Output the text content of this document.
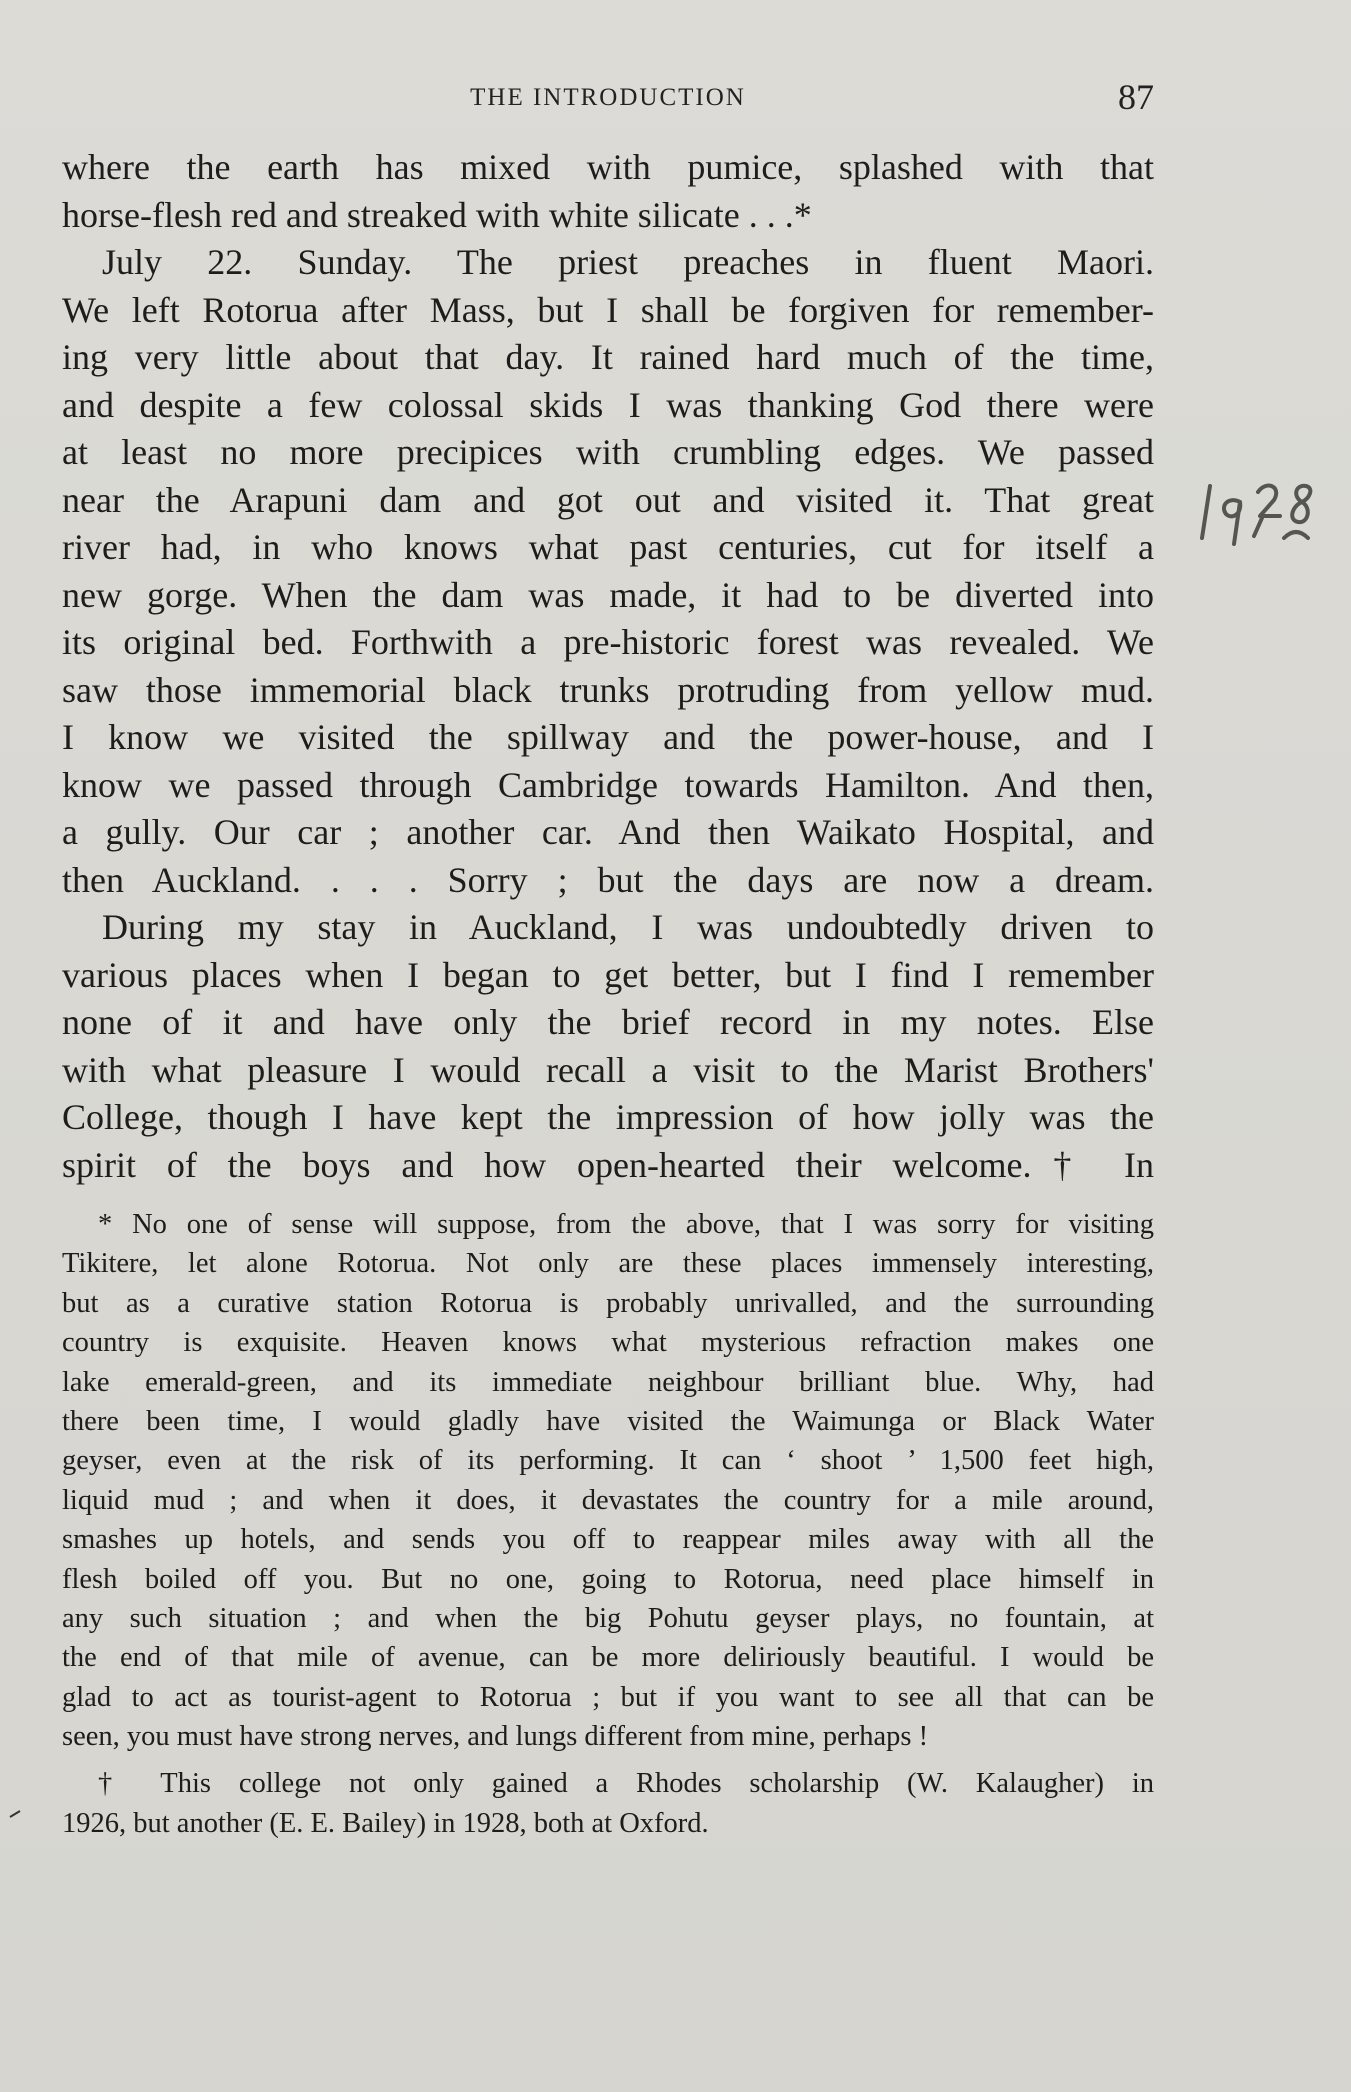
THE INTRODUCTION	87
where the earth has mixed with pumice, splashed with that
horse-flesh red and streaked with white silicate . . .*
July 22. Sunday. The priest preaches in fluent Maori.
We left Rotorua after Mass, but I shall be forgiven for remember-
ing very little about that day. It rained hard much of the time,
and despite a few colossal skids I was thanking God there were
at least no more precipices with crumbling edges. We passed
near the Arapuni dam and got out and visited it. That great
river had, in who knows what past centuries, cut for itself a
new gorge. When the dam was made, it had to be diverted into
its original bed. Forthwith a pre-historic forest was revealed. We
saw those immemorial black trunks protruding from yellow mud.
I know we visited the spillway and the power-house, and I
know we passed through Cambridge towards Hamilton. And then,
a gully. Our car ; another car. And then Waikato Hospital, and
then Auckland. . . . Sorry ; but the days are now a dream.
During my stay in Auckland, I was undoubtedly driven to
various places when I began to get better, but I find I remember
none of it and have only the brief record in my notes. Else
with what pleasure I would recall a visit to the Marist Brothers'
College, though I have kept the impression of how jolly was the
spirit of the boys and how open-hearted their welcome.† In
* No one of sense will suppose, from the above, that I was sorry for visiting
Tikitere, let alone Rotorua. Not only are these places immensely interesting,
but as a curative station Rotorua is probably unrivalled, and the surrounding
country is exquisite. Heaven knows what mysterious refraction makes one
lake emerald-green, and its immediate neighbour brilliant blue. Why, had
there been time, I would gladly have visited the Waimunga or Black Water
geyser, even at the risk of its performing. It can ‘ shoot ’ 1,500 feet high,
liquid mud ; and when it does, it devastates the country for a mile around,
smashes up hotels, and sends you off to reappear miles away with all the
flesh boiled off you. But no one, going to Rotorua, need place himself in
any such situation ; and when the big Pohutu geyser plays, no fountain, at
the end of that mile of avenue, can be more deliriously beautiful. I would be
glad to act as tourist-agent to Rotorua ; but if you want to see all that can be
seen, you must have strong nerves, and lungs different from mine, perhaps !
† This college not only gained a Rhodes scholarship (W. Kalaugher) in
1926, but another (E. E. Bailey) in 1928, both at Oxford.
